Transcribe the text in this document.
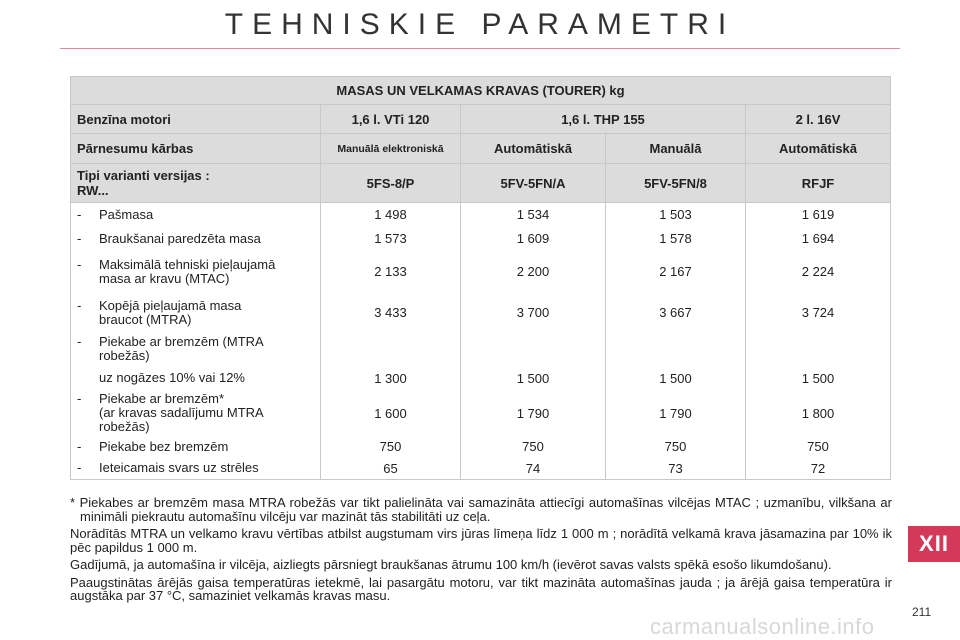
TEHNISKIE PARAMETRI
MASAS UN VELKAMAS KRAVAS (TOURER) kg				
Benzīna motori	1,6 l. VTi 120	1,6 l. THP 155		2 l. 16V
Pārnesumu kārbas	Manuālā elektroniskā	Automātiskā	Manuālā	Automātiskā

Tipi varianti versijas :
RW...	5FS-8/P	5FV-5FN/A	5FV-5FN/8	RFJF

- Pašmasa	1 498	1 534	1 503	1 619

- Braukšanai paredzēta masa	1 573	1 609	1 578	1 694

- Maksimālā tehniski pieļaujamā
masa ar kravu (MTAC)	2 133	2 200	2 167	2 224

- Kopējā pieļaujamā masa
braucot (MTRA)	3 433	3 700	3 667	3 724

- Piekabe ar bremzēm (MTRA
robežās)				

uz nogāzes 10% vai 12%	1 300	1 500	1 500	1 500

- Piekabe ar bremzēm*
(ar kravas sadalījumu MTRA
robežās)	1 600	1 790	1 790	1 800

- Piekabe bez bremzēm	750	750	750	750

- Ieteicamais svars uz strēles	65	74	73	72

* Piekabes ar bremzēm masa MTRA robežās var tikt palielināta vai samazināta attiecīgi automašīnas vilcējas MTAC ; uzmanību, vilkšana ar minimāli piekrautu automašīnu vilcēju var mazināt tās stabilitāti uz ceļa.

Norādītās MTRA un velkamo kravu vērtības atbilst augstumam virs jūras līmeņa līdz 1 000 m ; norādītā velkamā krava jāsamazina par 10% ik pēc papildus 1 000 m.

Gadījumā, ja automašīna ir vilcēja, aizliegts pārsniegt braukšanas ātrumu 100 km/h (ievērot savas valsts spēkā esošo likumdošanu).

Paaugstinātas ārējās gaisa temperatūras ietekmē, lai pasargātu motoru, var tikt mazināta automašīnas jauda ; ja ārējā gaisa temperatūra ir augstāka par 37 °C, samaziniet velkamās kravas masu.

XII
211
carmanualsonline.info
